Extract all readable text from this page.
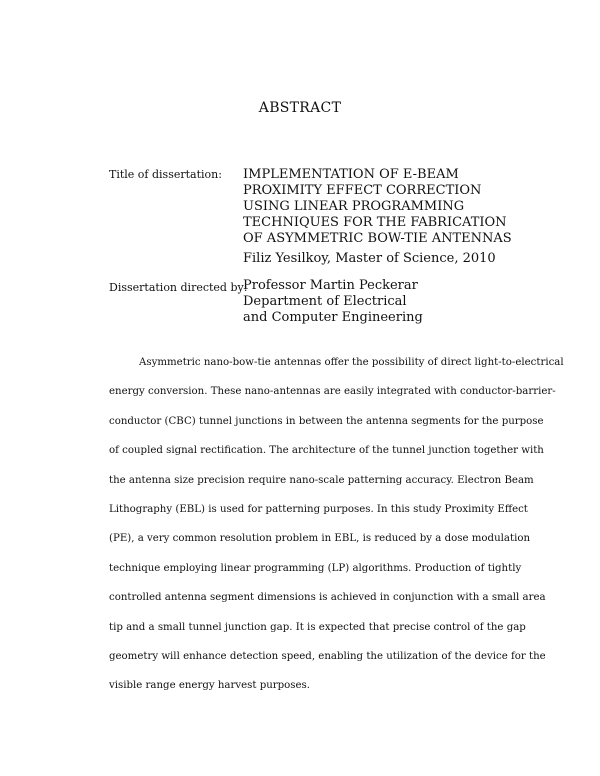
ABSTRACT
Title of dissertation:	IMPLEMENTATION OF E-BEAM
PROXIMITY EFFECT CORRECTION
USING LINEAR PROGRAMMING
TECHNIQUES FOR THE FABRICATION
OF ASYMMETRIC BOW-TIE ANTENNAS
Filiz Yesilkoy, Master of Science, 2010
Dissertation directed by:
Professor Martin Peckerar
Department of Electrical
and Computer Engineering
Asymmetric nano-bow-tie antennas offer the possibility of direct light-to-electrical
energy conversion. These nano-antennas are easily integrated with conductor-barrier-
conductor (CBC) tunnel junctions in between the antenna segments for the purpose
of coupled signal rectification. The architecture of the tunnel junction together with
the antenna size precision require nano-scale patterning accuracy. Electron Beam
Lithography (EBL) is used for patterning purposes. In this study Proximity Effect
(PE), a very common resolution problem in EBL, is reduced by a dose modulation
technique employing linear programming (LP) algorithms. Production of tightly
controlled antenna segment dimensions is achieved in conjunction with a small area
tip and a small tunnel junction gap. It is expected that precise control of the gap
geometry will enhance detection speed, enabling the utilization of the device for the
visible range energy harvest purposes.
